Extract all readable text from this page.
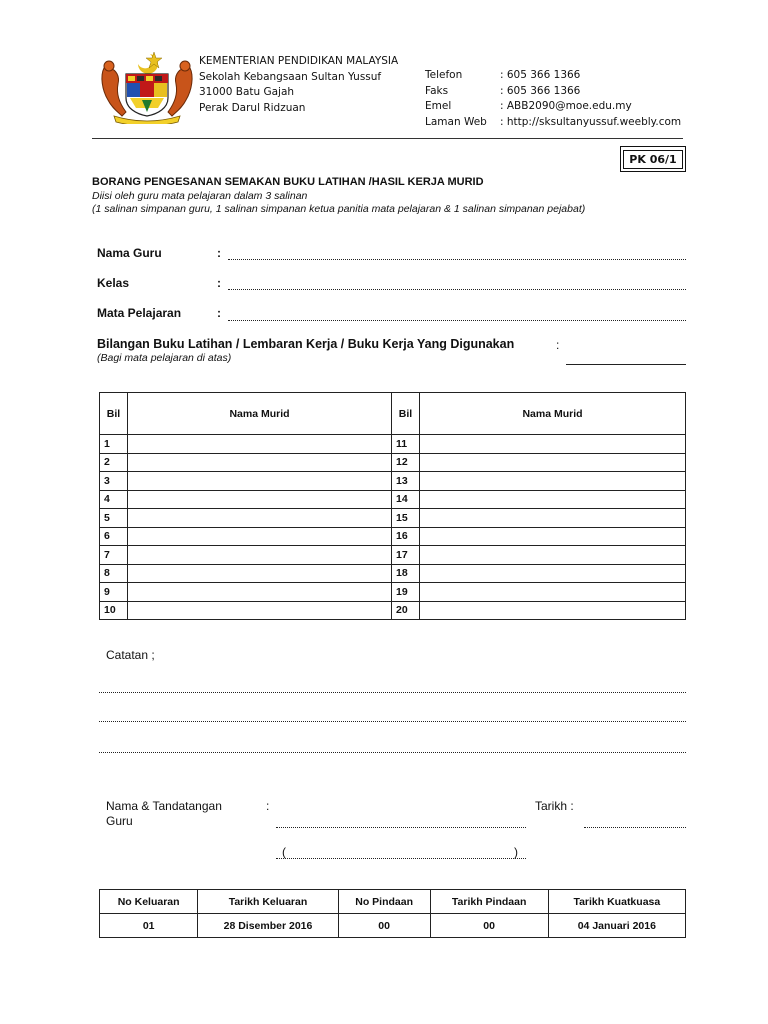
KEMENTERIAN PENDIDIKAN MALAYSIA
Sekolah Kebangsaan Sultan Yussuf
31000 Batu Gajah
Perak Darul Ridzuan
Telefon	: 605 366 1366
Faks	: 605 366 1366
Emel	: ABB2090@moe.edu.my
Laman Web	: http://sksultanyussuf.weebly.com
PK 06/1
BORANG PENGESANAN SEMAKAN BUKU LATIHAN /HASIL KERJA MURID
Diisi oleh guru mata pelajaran dalam 3 salinan
(1 salinan simpanan guru, 1 salinan simpanan ketua panitia mata pelajaran & 1 salinan simpanan pejabat)
Nama Guru	:
Kelas	:
Mata Pelajaran	:
Bilangan Buku Latihan / Lembaran Kerja / Buku Kerja Yang Digunakan	:
(Bagi mata pelajaran di atas)
Bil	Nama Murid	Bil	Nama Murid
1		11	
2		12	
3		13	
4		14	
5		15	
6		16	
7		17	
8		18	
9		19	
10		20	
Catatan ;
Nama & Tandatangan
Guru
:	Tarikh :
(	)
No Keluaran	Tarikh Keluaran	No Pindaan	Tarikh Pindaan	Tarikh Kuatkuasa
01	28 Disember 2016	00	00	04 Januari 2016
